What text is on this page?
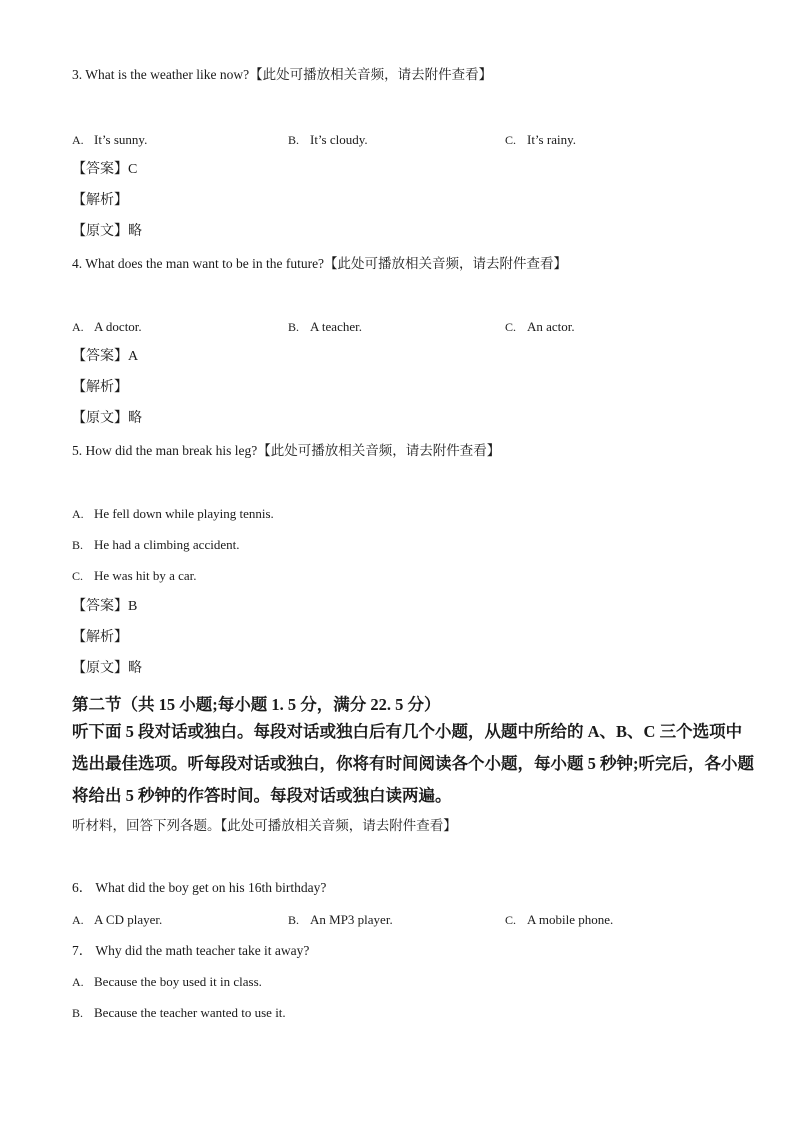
3. What is the weather like now?【此处可播放相关音频，请去附件查看】
A. It’s sunny.	B. It’s cloudy.	C. It’s rainy.
【答案】C
【解析】
【原文】略
4. What does the man want to be in the future?【此处可播放相关音频，请去附件查看】
A. A doctor.	B. A teacher.	C. An actor.
【答案】A
【解析】
【原文】略
5. How did the man break his leg?【此处可播放相关音频，请去附件查看】
A. He fell down while playing tennis.
B. He had a climbing accident.
C. He was hit by a car.
【答案】B
【解析】
【原文】略
第二节（共 15 小题;每小题 1. 5 分，满分 22. 5 分）
听下面 5 段对话或独白。每段对话或独白后有几个小题，从题中所给的 A、B、C 三个选项中
选出最佳选项。听每段对话或独白，你将有时间阅读各个小题，每小题 5 秒钟;听完后，各小题
将给出 5 秒钟的作答时间。每段对话或独白读两遍。
听材料，回答下列各题。【此处可播放相关音频，请去附件查看】
6． What did the boy get on his 16th birthday?
A. A CD player.	B. An MP3 player.	C. A mobile phone.
7． Why did the math teacher take it away?
A. Because the boy used it in class.
B. Because the teacher wanted to use it.
